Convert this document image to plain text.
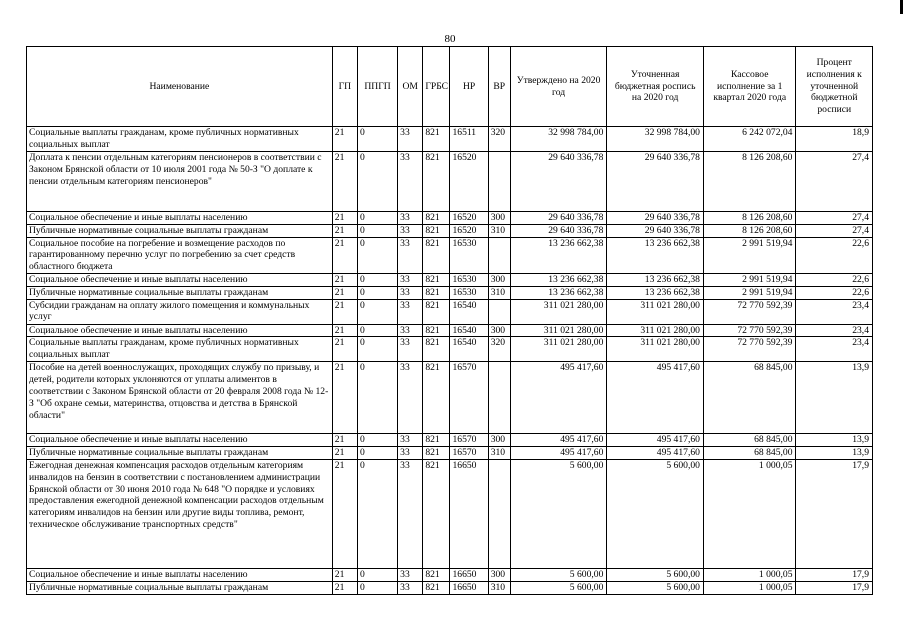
80
Наименование	ГП	ППГП	ОМ	ГРБС	НР	ВР	Утверждено на 2020 год	Уточненная бюджетная роспись на 2020 год	Кассовое исполнение за 1 квартал 2020 года	Процент исполнения к уточненной бюджетной росписи
Социальные выплаты гражданам, кроме публичных нормативных социальных выплат	21	0	33	821	16511	320	32 998 784,00	32 998 784,00	6 242 072,04	18,9
Доплата к пенсии отдельным категориям пенсионеров в соответствии с Законом Брянской области от 10 июля 2001 года № 50-З "О доплате к пенсии отдельным категориям пенсионеров"	21	0	33	821	16520		29 640 336,78	29 640 336,78	8 126 208,60	27,4
Социальное обеспечение и иные выплаты населению	21	0	33	821	16520	300	29 640 336,78	29 640 336,78	8 126 208,60	27,4
Публичные нормативные социальные выплаты гражданам	21	0	33	821	16520	310	29 640 336,78	29 640 336,78	8 126 208,60	27,4
Социальное пособие на погребение и возмещение расходов по гарантированному перечню услуг по погребению за счет средств областного бюджета	21	0	33	821	16530		13 236 662,38	13 236 662,38	2 991 519,94	22,6
Социальное обеспечение и иные выплаты населению	21	0	33	821	16530	300	13 236 662,38	13 236 662,38	2 991 519,94	22,6
Публичные нормативные социальные выплаты гражданам	21	0	33	821	16530	310	13 236 662,38	13 236 662,38	2 991 519,94	22,6
Субсидии гражданам на оплату жилого помещения и коммунальных услуг	21	0	33	821	16540		311 021 280,00	311 021 280,00	72 770 592,39	23,4
Социальное обеспечение и иные выплаты населению	21	0	33	821	16540	300	311 021 280,00	311 021 280,00	72 770 592,39	23,4
Социальные выплаты гражданам, кроме публичных нормативных социальных выплат	21	0	33	821	16540	320	311 021 280,00	311 021 280,00	72 770 592,39	23,4
Пособие на детей военнослужащих, проходящих службу по призыву, и детей, родители которых уклоняются от уплаты алиментов в соответствии с Законом Брянской области от 20 февраля 2008 года № 12-З "Об охране семьи, материнства, отцовства и детства в Брянской области"	21	0	33	821	16570		495 417,60	495 417,60	68 845,00	13,9
Социальное обеспечение и иные выплаты населению	21	0	33	821	16570	300	495 417,60	495 417,60	68 845,00	13,9
Публичные нормативные социальные выплаты гражданам	21	0	33	821	16570	310	495 417,60	495 417,60	68 845,00	13,9
Ежегодная денежная компенсация расходов отдельным категориям инвалидов на бензин в соответствии с постановлением администрации Брянской области от 30 июня 2010 года № 648 "О порядке и условиях предоставления ежегодной денежной компенсации расходов отдельным категориям инвалидов на бензин или другие виды топлива, ремонт, техническое обслуживание транспортных средств"	21	0	33	821	16650		5 600,00	5 600,00	1 000,05	17,9
Социальное обеспечение и иные выплаты населению	21	0	33	821	16650	300	5 600,00	5 600,00	1 000,05	17,9
Публичные нормативные социальные выплаты гражданам	21	0	33	821	16650	310	5 600,00	5 600,00	1 000,05	17,9
